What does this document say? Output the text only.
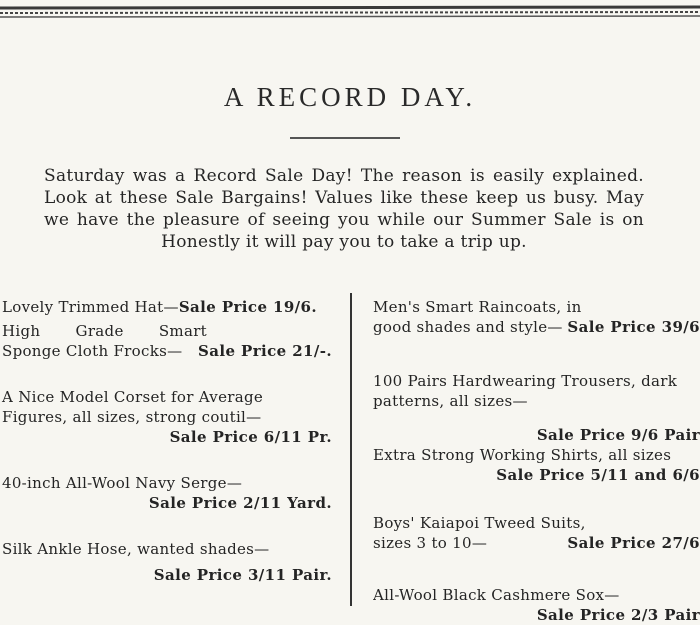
A RECORD DAY.
Saturday was a Record Sale Day! The reason is easily explained. Look at these Sale Bargains! Values like these keep us busy. May we have the pleasure of seeing you while our Summer Sale is on Honestly it will pay you to take a trip up.
Lovely Trimmed Hat—Sale Price 19/6.
High Grade Smart Sponge Cloth Frocks— Sale Price 21/-.
A Nice Model Corset for Average Figures, all sizes, strong coutil—
Sale Price 6/11 Pr.
40-inch All-Wool Navy Serge—
Sale Price 2/11 Yard.
Silk Ankle Hose, wanted shades—
Sale Price 3/11 Pair.
Men's Smart Raincoats, in good shades and style— Sale Price 39/6
100 Pairs Hardwearing Trousers, dark patterns, all sizes—
Sale Price 9/6 Pair
Extra Strong Working Shirts, all sizes
Sale Price 5/11 and 6/6
Boys' Kaiapoi Tweed Suits, sizes 3 to 10—	Sale Price 27/6
All-Wool Black Cashmere Sox—
Sale Price 2/3 Pair
